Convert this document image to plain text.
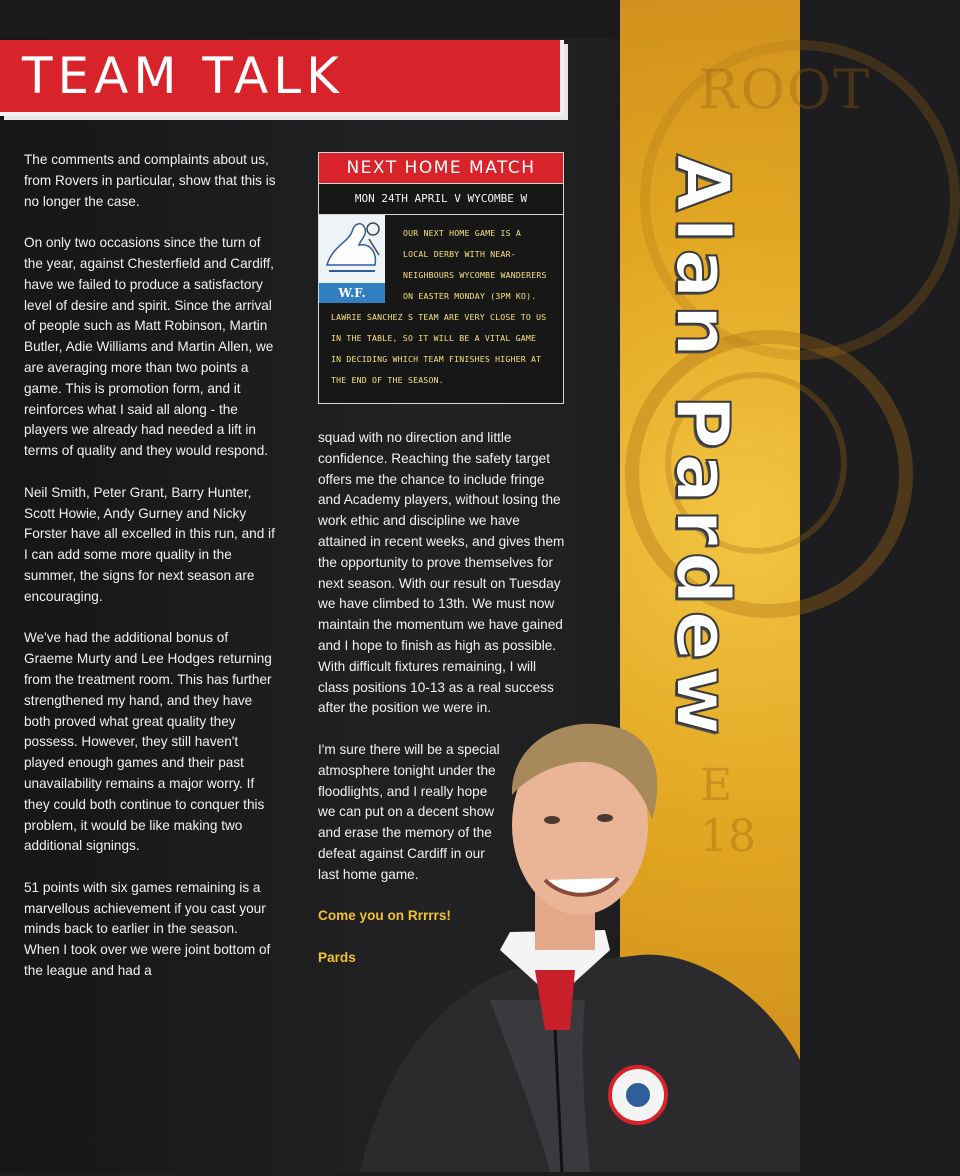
ROOT
E 18
TEAM TALK
Alan Pardew

The comments and complaints about us, from Rovers in particular, show that this is no longer the case.

On only two occasions since the turn of the year, against Chesterfield and Cardiff, have we failed to produce a satisfactory level of desire and spirit. Since the arrival of people such as Matt Robinson, Martin Butler, Adie Williams and Martin Allen, we are averaging more than two points a game. This is promotion form, and it reinforces what I said all along - the players we already had needed a lift in terms of quality and they would respond.

Neil Smith, Peter Grant, Barry Hunter, Scott Howie, Andy Gurney and Nicky Forster have all excelled in this run, and if I can add some more quality in the summer, the signs for next season are encouraging.

We've had the additional bonus of Graeme Murty and Lee Hodges returning from the treatment room. This has further strengthened my hand, and they have both proved what great quality they possess. However, they still haven't played enough games and their past unavailability remains a major worry. If they could both continue to conquer this problem, it would be like making two additional signings.

51 points with six games remaining is a marvellous achievement if you cast your minds back to earlier in the season. When I took over we were joint bottom of the league and had a

NEXT HOME MATCH
MON 24TH APRIL V WYCOMBE W
W.F.
OUR NEXT HOME GAME IS A
LOCAL DERBY WITH NEAR-
NEIGHBOURS WYCOMBE WANDERERS
ON EASTER MONDAY (3PM KO).
LAWRIE SANCHEZ S TEAM ARE VERY CLOSE TO US
IN THE TABLE, SO IT WILL BE A VITAL GAME
IN DECIDING WHICH TEAM FINISHES HIGHER AT
THE END OF THE SEASON.

squad with no direction and little confidence. Reaching the safety target offers me the chance to include fringe and Academy players, without losing the work ethic and discipline we have attained in recent weeks, and gives them the opportunity to prove themselves for next season. With our result on Tuesday we have climbed to 13th. We must now maintain the momentum we have gained and I hope to finish as high as possible. With difficult fixtures remaining, I will class positions 10-13 as a real success after the position we were in.

I'm sure there will be a special atmosphere tonight under the floodlights, and I really hope we can put on a decent show and erase the memory of the defeat against Cardiff in our last home game.

Come you on Rrrrrs!

Pards
